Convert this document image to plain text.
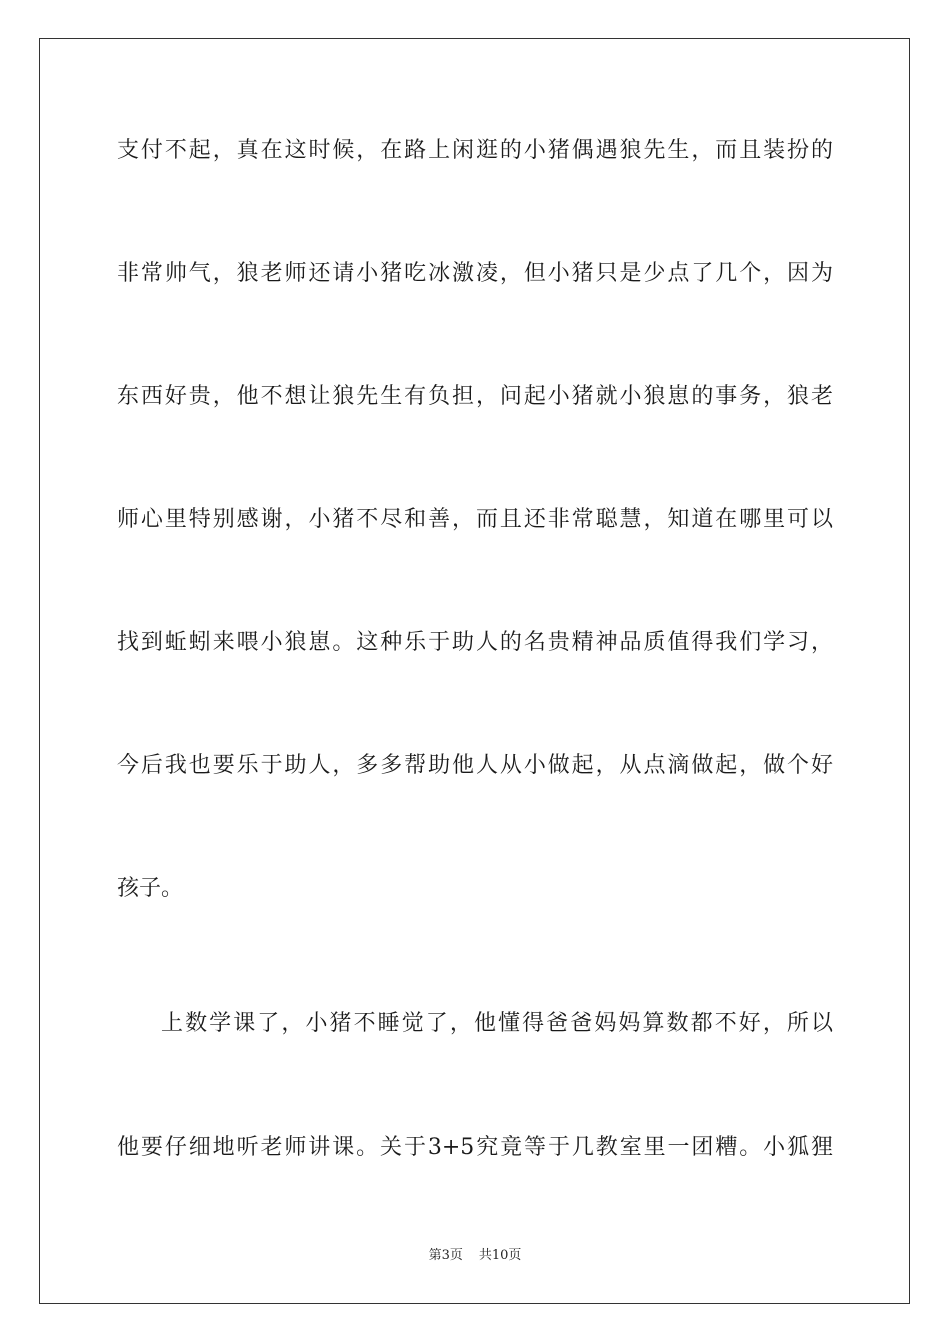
支付不起，真在这时候，在路上闲逛的小猪偶遇狼先生，而且装扮的
非常帅气，狼老师还请小猪吃冰激凌，但小猪只是少点了几个，因为
东西好贵，他不想让狼先生有负担，问起小猪就小狼崽的事务，狼老
师心里特别感谢，小猪不尽和善，而且还非常聪慧，知道在哪里可以
找到蚯蚓来喂小狼崽。这种乐于助人的名贵精神品质值得我们学习，
今后我也要乐于助人，多多帮助他人从小做起，从点滴做起，做个好
孩子。
上数学课了，小猪不睡觉了，他懂得爸爸妈妈算数都不好，所以
他要仔细地听老师讲课。关于3+5究竟等于几教室里一团糟。小狐狸
第3页 共10页
